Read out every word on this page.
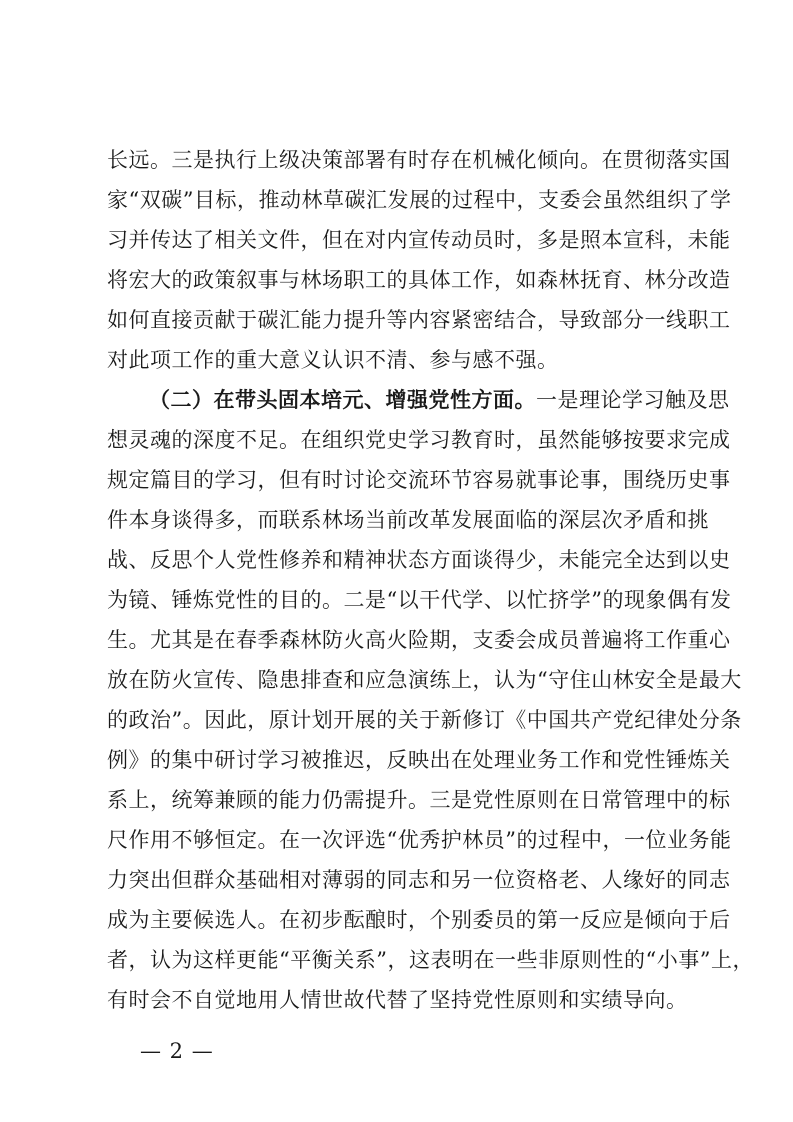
长远。三是执行上级决策部署有时存在机械化倾向。在贯彻落实国
家“双碳”目标，推动林草碳汇发展的过程中，支委会虽然组织了学
习并传达了相关文件，但在对内宣传动员时，多是照本宣科，未能
将宏大的政策叙事与林场职工的具体工作，如森林抚育、林分改造
如何直接贡献于碳汇能力提升等内容紧密结合，导致部分一线职工
对此项工作的重大意义认识不清、参与感不强。
（二）在带头固本培元、增强党性方面。一是理论学习触及思
想灵魂的深度不足。在组织党史学习教育时，虽然能够按要求完成
规定篇目的学习，但有时讨论交流环节容易就事论事，围绕历史事
件本身谈得多，而联系林场当前改革发展面临的深层次矛盾和挑
战、反思个人党性修养和精神状态方面谈得少，未能完全达到以史
为镜、锤炼党性的目的。二是“以干代学、以忙挤学”的现象偶有发
生。尤其是在春季森林防火高火险期，支委会成员普遍将工作重心
放在防火宣传、隐患排查和应急演练上，认为“守住山林安全是最大
的政治”。因此，原计划开展的关于新修订《中国共产党纪律处分条
例》的集中研讨学习被推迟，反映出在处理业务工作和党性锤炼关
系上，统筹兼顾的能力仍需提升。三是党性原则在日常管理中的标
尺作用不够恒定。在一次评选“优秀护林员”的过程中，一位业务能
力突出但群众基础相对薄弱的同志和另一位资格老、人缘好的同志
成为主要候选人。在初步酝酿时，个别委员的第一反应是倾向于后
者，认为这样更能“平衡关系”，这表明在一些非原则性的“小事”上，
有时会不自觉地用人情世故代替了坚持党性原则和实绩导向。
— 2 —
